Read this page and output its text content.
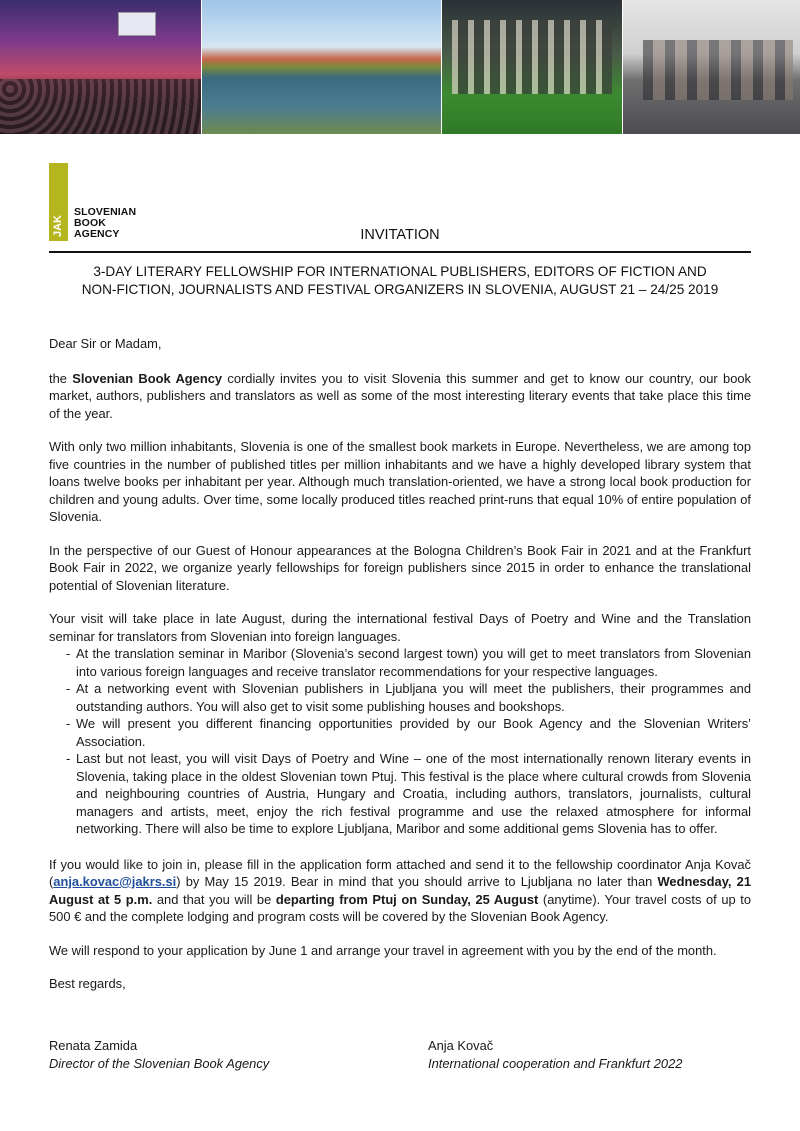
JAK
SLOVENIAN
BOOK
AGENCY	INVITATION
3-DAY LITERARY FELLOWSHIP FOR INTERNATIONAL PUBLISHERS, EDITORS OF FICTION AND
NON-FICTION, JOURNALISTS AND FESTIVAL ORGANIZERS IN SLOVENIA, AUGUST 21 – 24/25 2019

Dear Sir or Madam,

the Slovenian Book Agency cordially invites you to visit Slovenia this summer and get to know our country, our book market, authors, publishers and translators as well as some of the most interesting literary events that take place this time of the year.

With only two million inhabitants, Slovenia is one of the smallest book markets in Europe. Nevertheless, we are among top five countries in the number of published titles per million inhabitants and we have a highly developed library system that loans twelve books per inhabitant per year. Although much translation-oriented, we have a strong local book production for children and young adults. Over time, some locally produced titles reached print-runs that equal 10% of entire population of Slovenia.

In the perspective of our Guest of Honour appearances at the Bologna Children’s Book Fair in 2021 and at the Frankfurt Book Fair in 2022, we organize yearly fellowships for foreign publishers since 2015 in order to enhance the translational potential of Slovenian literature.

Your visit will take place in late August, during the international festival Days of Poetry and Wine and the Translation seminar for translators from Slovenian into foreign languages.

- At the translation seminar in Maribor (Slovenia’s second largest town) you will get to meet translators from Slovenian into various foreign languages and receive translator recommendations for your respective languages.
- At a networking event with Slovenian publishers in Ljubljana you will meet the publishers, their programmes and outstanding authors. You will also get to visit some publishing houses and bookshops.
- We will present you different financing opportunities provided by our Book Agency and the Slovenian Writers’ Association.
- Last but not least, you will visit Days of Poetry and Wine – one of the most internationally renown literary events in Slovenia, taking place in the oldest Slovenian town Ptuj. This festival is the place where cultural crowds from Slovenia and neighbouring countries of Austria, Hungary and Croatia, including authors, translators, journalists, cultural managers and artists, meet, enjoy the rich festival programme and use the relaxed atmosphere for informal networking. There will also be time to explore Ljubljana, Maribor and some additional gems Slovenia has to offer.

If you would like to join in, please fill in the application form attached and send it to the fellowship coordinator Anja Kovač (anja.kovac@jakrs.si) by May 15 2019. Bear in mind that you should arrive to Ljubljana no later than Wednesday, 21 August at 5 p.m. and that you will be departing from Ptuj on Sunday, 25 August (anytime). Your travel costs of up to 500 € and the complete lodging and program costs will be covered by the Slovenian Book Agency.

We will respond to your application by June 1 and arrange your travel in agreement with you by the end of the month.

Best regards,

Renata Zamida
Director of the Slovenian Book Agency
Anja Kovač
International cooperation and Frankfurt 2022
